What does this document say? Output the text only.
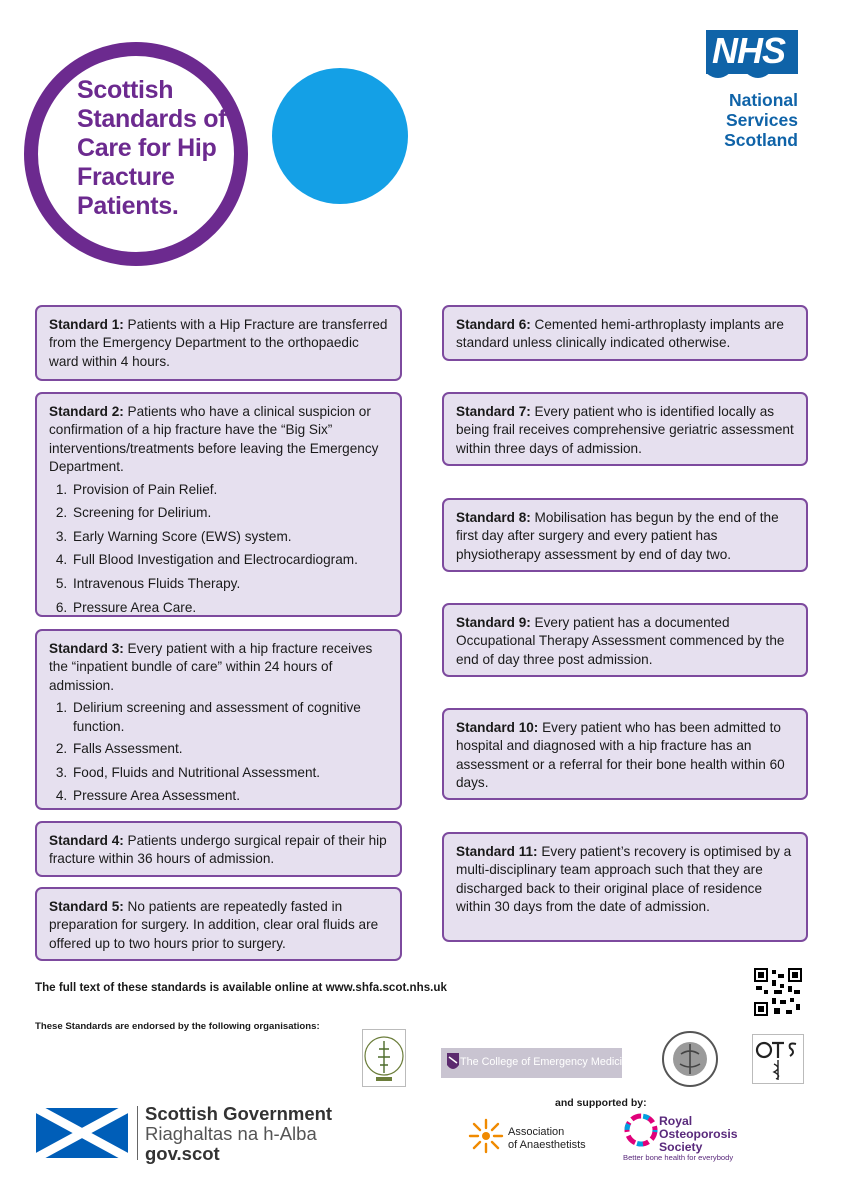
Scottish
Standards of
Care for Hip
Fracture
Patients.
NHS
National
Services
Scotland
Standard 1: Patients with a Hip Fracture are transferred from the Emergency Department to the orthopaedic ward within 4 hours.
Standard 2: Patients who have a clinical suspicion or confirmation of a hip fracture have the “Big Six” interventions/treatments before leaving the Emergency Department.
1. Provision of Pain Relief.
2. Screening for Delirium.
3. Early Warning Score (EWS) system.
4. Full Blood Investigation and Electrocardiogram.
5. Intravenous Fluids Therapy.
6. Pressure Area Care.
Standard 3: Every patient with a hip fracture receives the “inpatient bundle of care” within 24 hours of admission.
1. Delirium screening and assessment of cognitive function.
2. Falls Assessment.
3. Food, Fluids and Nutritional Assessment.
4. Pressure Area Assessment.
Standard 4: Patients undergo surgical repair of their hip fracture within 36 hours of admission.
Standard 5: No patients are repeatedly fasted in preparation for surgery. In addition, clear oral fluids are offered up to two hours prior to surgery.
Standard 6: Cemented hemi-arthroplasty implants are standard unless clinically indicated otherwise.
Standard 7: Every patient who is identified locally as being frail receives comprehensive geriatric assessment within three days of admission.
Standard 8: Mobilisation has begun by the end of the first day after surgery and every patient has physiotherapy assessment by end of day two.
Standard 9: Every patient has a documented Occupational Therapy Assessment commenced by the end of day three post admission.
Standard 10: Every patient who has been admitted to hospital and diagnosed with a hip fracture has an assessment or a referral for their bone health within 60 days.
Standard 11: Every patient’s recovery is optimised by a multi-disciplinary team approach such that they are discharged back to their original place of residence within 30 days from the date of admission.
The full text of these standards is available online at www.shfa.scot.nhs.uk
These Standards are endorsed by the following organisations:
The College of Emergency Medicine
and supported by:
Association
of Anaesthetists
Royal
Osteoporosis
Society
Better bone health for everybody
Scottish Government
Riaghaltas na h-Alba
gov.scot
